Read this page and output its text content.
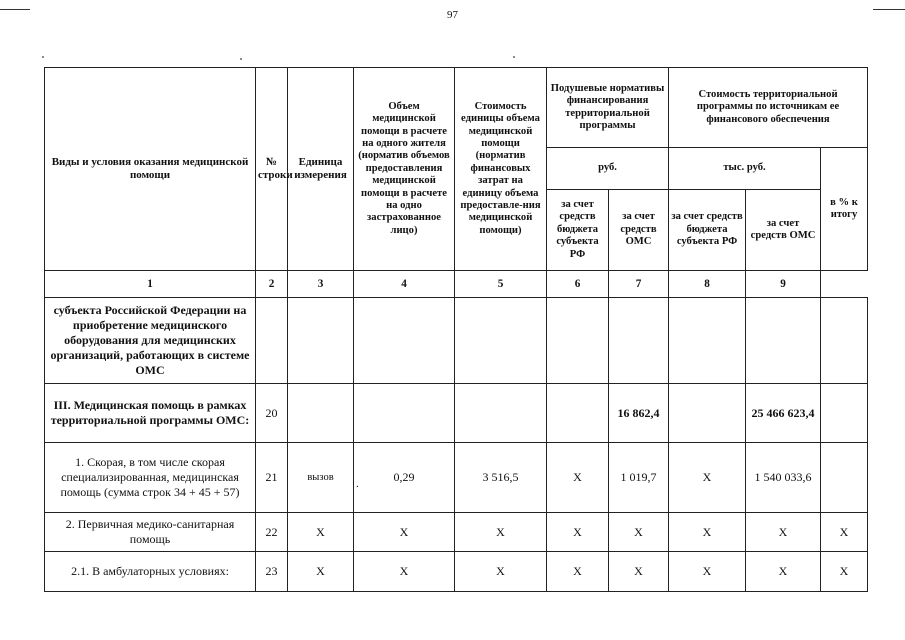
97
Виды и условия оказания медицинской помощи	№ строки	Единица измерения	Объем медицинской помощи в расчете на одного жителя (норматив объемов предоставления медицинской помощи в расчете на одно застрахованное лицо)	Стоимость единицы объема медицинской помощи (норматив финансовых затрат на единицу объема предоставле-ния медицинской помощи)	Подушевые нормативы финансирования территориальной программы		Стоимость территориальной программы по источникам ее финансового обеспечения		
					руб.		тыс. руб.		в % к итогу
					за счет средств бюджета субъекта РФ	за счет средств ОМС	за счет средств бюджета субъекта РФ	за счет средств ОМС	
1	2	3	4	5	6	7	8	9	
субъекта Российской Федерации на приобретение медицинского оборудования для медицинских организаций, работающих в системе ОМС									
III. Медицинская помощь в рамках территориальной программы ОМС:	20					16 862,4		25 466 623,4	
1. Скорая, в том числе скорая специализированная, медицинская помощь (сумма строк 34 + 45 + 57)	21	вызов	. 0,29	3 516,5	Х	1 019,7	Х	1 540 033,6	
2. Первичная медико-санитарная помощь	22	Х	Х	Х	Х	Х	Х	Х	Х
2.1. В амбулаторных условиях:	23	Х	Х	Х	Х	Х	Х	Х	Х
